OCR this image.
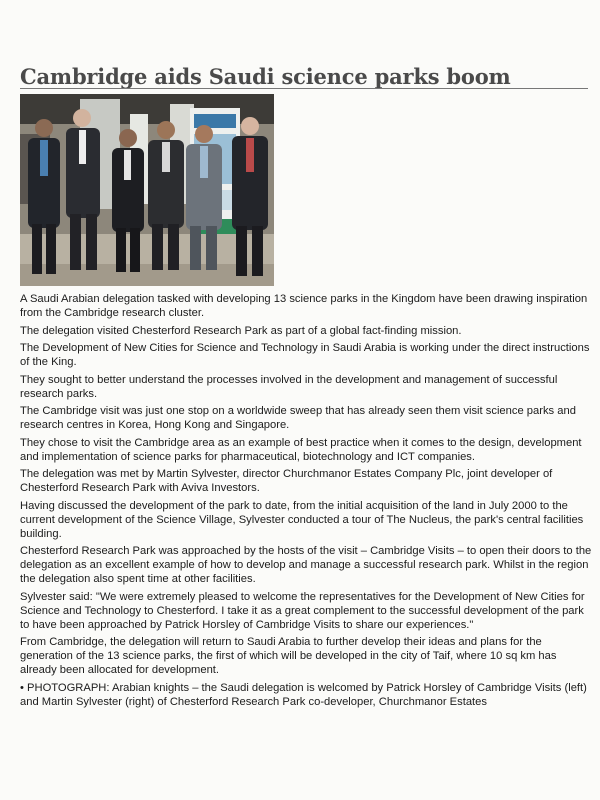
Cambridge aids Saudi science parks boom

A Saudi Arabian delegation tasked with developing 13 science parks in the Kingdom have been drawing inspiration from the Cambridge research cluster.

The delegation visited Chesterford Research Park as part of a global fact-finding mission.

The Development of New Cities for Science and Technology in Saudi Arabia is working under the direct instructions of the King.

They sought to better understand the processes involved in the development and management of successful research parks.

The Cambridge visit was just one stop on a worldwide sweep that has already seen them visit science parks and research centres in Korea, Hong Kong and Singapore.

They chose to visit the Cambridge area as an example of best practice when it comes to the design, development and implementation of science parks for pharmaceutical, biotechnology and ICT companies.

The delegation was met by Martin Sylvester, director Churchmanor Estates Company Plc, joint developer of Chesterford Research Park with Aviva Investors.

Having discussed the development of the park to date, from the initial acquisition of the land in July 2000 to the current development of the Science Village, Sylvester conducted a tour of The Nucleus, the park's central facilities building.

Chesterford Research Park was approached by the hosts of the visit – Cambridge Visits – to open their doors to the delegation as an excellent example of how to develop and manage a successful research park. Whilst in the region the delegation also spent time at other facilities.

Sylvester said: "We were extremely pleased to welcome the representatives for the Development of New Cities for Science and Technology to Chesterford. I take it as a great complement to the successful development of the park to have been approached by Patrick Horsley of Cambridge Visits to share our experiences."

From Cambridge, the delegation will return to Saudi Arabia to further develop their ideas and plans for the generation of the 13 science parks, the first of which will be developed in the city of Taif, where 10 sq km has already been allocated for development.

• PHOTOGRAPH: Arabian knights – the Saudi delegation is welcomed by Patrick Horsley of Cambridge Visits (left) and Martin Sylvester (right) of Chesterford Research Park co-developer, Churchmanor Estates
